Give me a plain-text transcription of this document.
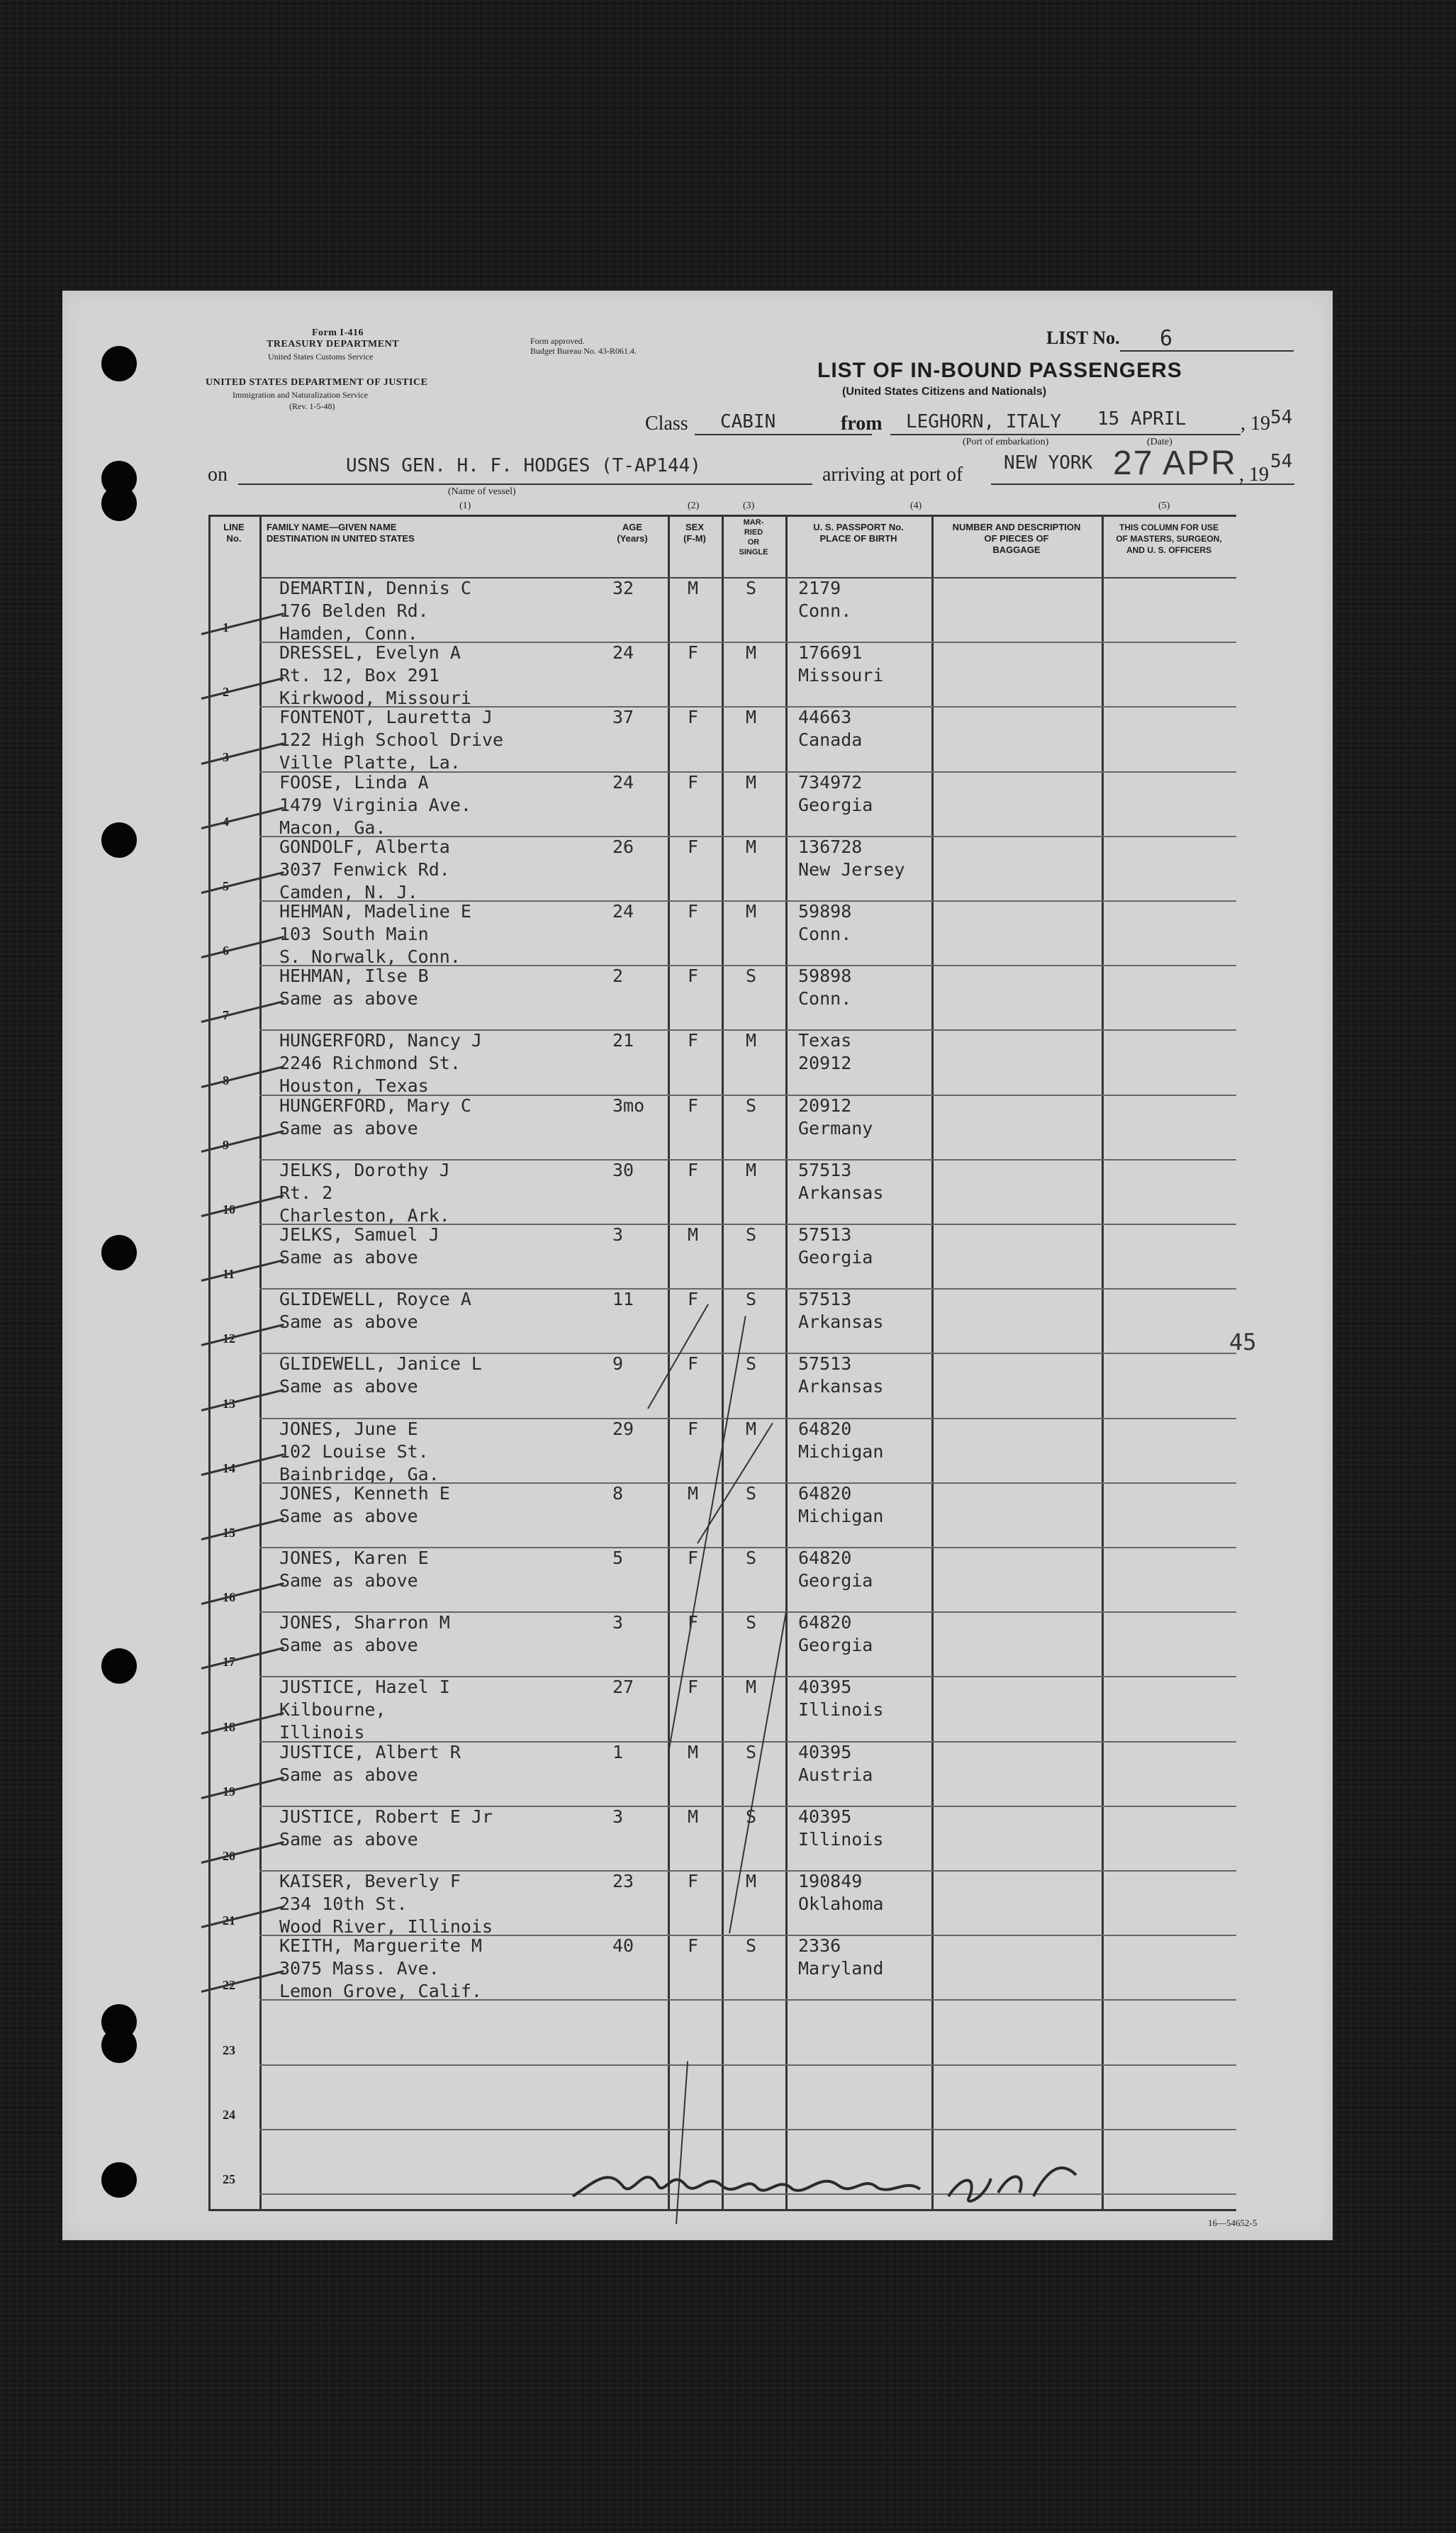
Form I-416
TREASURY DEPARTMENT
United States Customs Service
UNITED STATES DEPARTMENT OF JUSTICE
Immigration and Naturalization Service
(Rev. 1-5-48)
Form approved.
Budget Bureau No. 43-R061.4.
LIST No. 6
LIST OF IN-BOUND PASSENGERS
(United States Citizens and Nationals)
Class CABIN	from LEGHORN, ITALY
(Port of embarkation)
15 APRIL
(Date)
, 19 54
on	USNS GEN. H. F. HODGES (T-AP144)
(Name of vessel)
arriving at port of
NEW YORK 27 APR , 19
54
(1)	(2)	(3)	(4)	(5)
LINE
No.
FAMILY NAME—GIVEN NAME
DESTINATION IN UNITED STATES
AGE
(Years)
SEX
(F-M)
MAR-
RIED
OR
SINGLE
U. S. PASSPORT No.
PLACE OF BIRTH
NUMBER AND DESCRIPTION
OF PIECES OF
BAGGAGE
THIS COLUMN FOR USE
OF MASTERS, SURGEON,
AND U. S. OFFICERS
1
DEMARTIN, Dennis C
176 Belden Rd.
Hamden, Conn.
32	M	S 2179
Conn.
2
DRESSEL, Evelyn A
Rt. 12, Box 291
Kirkwood, Missouri
24	F	M 176691
Missouri
3
FONTENOT, Lauretta J
122 High School Drive
Ville Platte, La.
37	F	M 44663
Canada
4
FOOSE, Linda A
1479 Virginia Ave.
Macon, Ga.
24	F	M 734972
Georgia
5
GONDOLF, Alberta
3037 Fenwick Rd.
Camden, N. J.
26	F	M 136728
New Jersey
6
HEHMAN, Madeline E
103 South Main
S. Norwalk, Conn.
24	F	M 59898
Conn.
7
HEHMAN, Ilse B
Same as above
2	F	S 59898
Conn.
8
HUNGERFORD, Nancy J
2246 Richmond St.
Houston, Texas
21	F	M Texas
20912
9
HUNGERFORD, Mary C
Same as above
3mo F	S 20912
Germany
10
JELKS, Dorothy J
Rt. 2
Charleston, Ark.
30	F	M 57513
Arkansas
11
JELKS, Samuel J
Same as above
3	M	S 57513
Georgia
12
GLIDEWELL, Royce A
Same as above
11	F	S 57513
Arkansas
13
GLIDEWELL, Janice L
Same as above
9	F	S 57513
Arkansas
14
JONES, June E
102 Louise St.
Bainbridge, Ga.
29	F	M 64820
Michigan
15
JONES, Kenneth E
Same as above
8	M	S 64820
Michigan
16
JONES, Karen E
Same as above
5	F	S 64820
Georgia
17
JONES, Sharron M
Same as above
3	F	S 64820
Georgia
18
JUSTICE, Hazel I
Kilbourne,
Illinois
27	F	M 40395
Illinois
19
JUSTICE, Albert R
Same as above
1	M	S 40395
Austria
20
JUSTICE, Robert E Jr
Same as above
3	M	S 40395
Illinois
21
KAISER, Beverly F
234 10th St.
Wood River, Illinois
23	F	M 190849
Oklahoma
22
KEITH, Marguerite M
3075 Mass. Ave.
Lemon Grove, Calif.
40	F	S 2336
Maryland
23
24
25
45
16—54652-5
